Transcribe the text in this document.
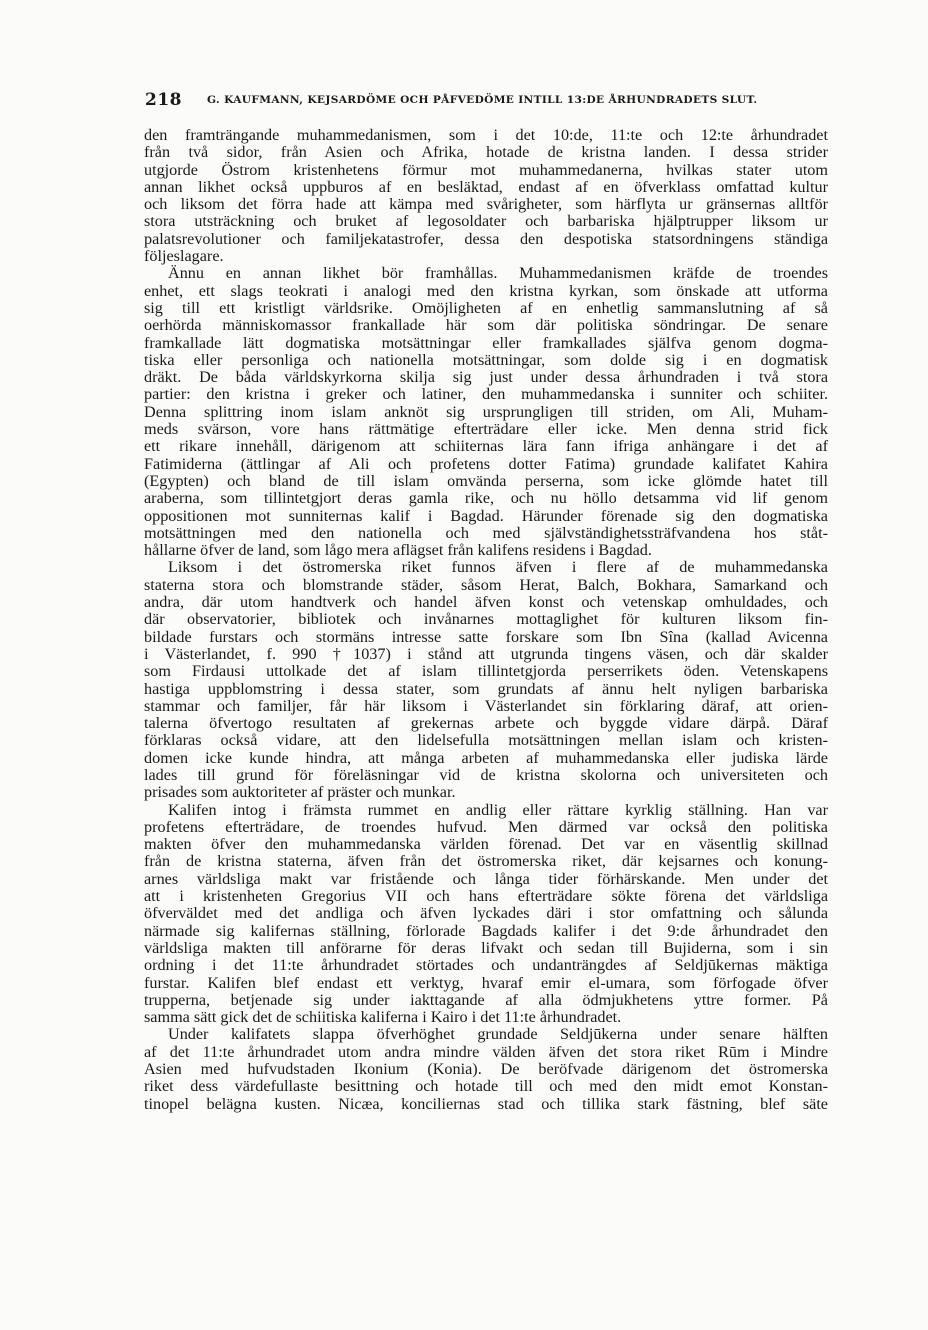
218 G. KAUFMANN, KEJSARDÖME OCH PÅFVEDÖME INTILL 13:DE ÅRHUNDRADETS SLUT.
den framträngande muhammedanismen, som i det 10:de, 11:te och 12:te århundradet
från två sidor, från Asien och Afrika, hotade de kristna landen. I dessa strider
utgjorde Östrom kristenhetens förmur mot muhammedanerna, hvilkas stater utom
annan likhet också uppburos af en besläktad, endast af en öfverklass omfattad kultur
och liksom det förra hade att kämpa med svårigheter, som härflyta ur gränsernas alltför
stora utsträckning och bruket af legosoldater och barbariska hjälptrupper liksom ur
palatsrevolutioner och familjekatastrofer, dessa den despotiska statsordningens ständiga
följeslagare.
Ännu en annan likhet bör framhållas. Muhammedanismen kräfde de troendes
enhet, ett slags teokrati i analogi med den kristna kyrkan, som önskade att utforma
sig till ett kristligt världsrike. Omöjligheten af en enhetlig sammanslutning af så
oerhörda människomassor frankallade här som där politiska söndringar. De senare
framkallade lätt dogmatiska motsättningar eller framkallades själfva genom dogma-
tiska eller personliga och nationella motsättningar, som dolde sig i en dogmatisk
dräkt. De båda världskyrkorna skilja sig just under dessa århundraden i två stora
partier: den kristna i greker och latiner, den muhammedanska i sunniter och schiiter.
Denna splittring inom islam anknöt sig ursprungligen till striden, om Ali, Muham-
meds svärson, vore hans rättmätige efterträdare eller icke. Men denna strid fick
ett rikare innehåll, därigenom att schiiternas lära fann ifriga anhängare i det af
Fatimiderna (ättlingar af Ali och profetens dotter Fatima) grundade kalifatet Kahira
(Egypten) och bland de till islam omvända perserna, som icke glömde hatet till
araberna, som tillintetgjort deras gamla rike, och nu höllo detsamma vid lif genom
oppositionen mot sunniternas kalif i Bagdad. Härunder förenade sig den dogmatiska
motsättningen med den nationella och med självständighetssträfvandena hos ståt-
hållarne öfver de land, som lågo mera aflägset från kalifens residens i Bagdad.
Liksom i det östromerska riket funnos äfven i flere af de muhammedanska
staterna stora och blomstrande städer, såsom Herat, Balch, Bokhara, Samarkand och
andra, där utom handtverk och handel äfven konst och vetenskap omhuldades, och
där observatorier, bibliotek och invånarnes mottaglighet för kulturen liksom fin-
bildade furstars och stormäns intresse satte forskare som Ibn Sîna (kallad Avicenna
i Västerlandet, f. 990 †1037) i stånd att utgrunda tingens väsen, och där skalder
som Firdausi uttolkade det af islam tillintetgjorda perserrikets öden. Vetenskapens
hastiga uppblomstring i dessa stater, som grundats af ännu helt nyligen barbariska
stammar och familjer, får här liksom i Västerlandet sin förklaring däraf, att orien-
talerna öfvertogo resultaten af grekernas arbete och byggde vidare därpå. Däraf
förklaras också vidare, att den lidelsefulla motsättningen mellan islam och kristen-
domen icke kunde hindra, att många arbeten af muhammedanska eller judiska lärde
lades till grund för föreläsningar vid de kristna skolorna och universiteten och
prisades som auktoriteter af präster och munkar.
Kalifen intog i främsta rummet en andlig eller rättare kyrklig ställning. Han var
profetens efterträdare, de troendes hufvud. Men därmed var också den politiska
makten öfver den muhammedanska världen förenad. Det var en väsentlig skillnad
från de kristna staterna, äfven från det östromerska riket, där kejsarnes och konung-
arnes världsliga makt var fristående och långa tider förhärskande. Men under det
att i kristenheten Gregorius VII och hans efterträdare sökte förena det världsliga
öfverväldet med det andliga och äfven lyckades däri i stor omfattning och sålunda
närmade sig kalifernas ställning, förlorade Bagdads kalifer i det 9:de århundradet den
världsliga makten till anförarne för deras lifvakt och sedan till Bujiderna, som i sin
ordning i det 11:te århundradet störtades och undanträngdes af Seldjūkernas mäktiga
furstar. Kalifen blef endast ett verktyg, hvaraf emir el-umara, som förfogade öfver
trupperna, betjenade sig under iakttagande af alla ödmjukhetens yttre former. På
samma sätt gick det de schiitiska kaliferna i Kairo i det 11:te århundradet.
Under kalifatets slappa öfverhöghet grundade Seldjūkerna under senare hälften
af det 11:te århundradet utom andra mindre välden äfven det stora riket Rūm i Mindre
Asien med hufvudstaden Ikonium (Konia). De beröfvade därigenom det östromerska
riket dess värdefullaste besittning och hotade till och med den midt emot Konstan-
tinopel belägna kusten. Nicæa, konciliernas stad och tillika stark fästning, blef säte
